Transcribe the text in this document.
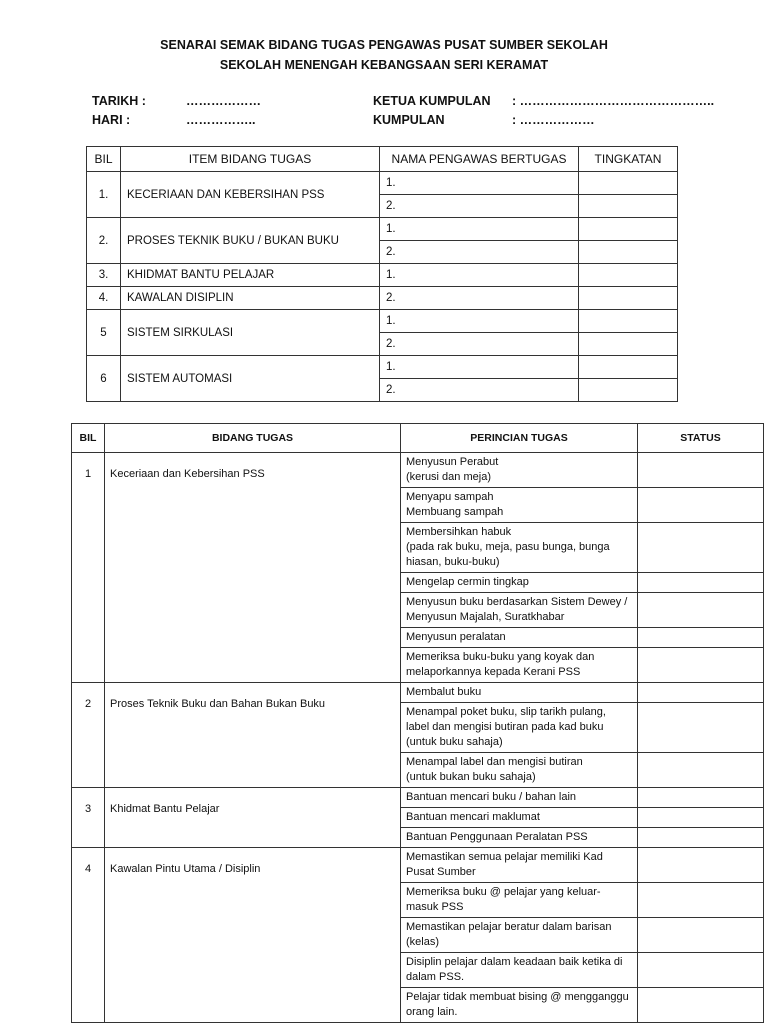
SENARAI SEMAK BIDANG TUGAS PENGAWAS PUSAT SUMBER SEKOLAH
SEKOLAH MENENGAH KEBANGSAAN SERI KERAMAT
TARIKH :	………………
HARI :	……………..
KETUA KUMPULAN : ………………………………………..
KUMPULAN	: ………………
BIL	ITEM BIDANG TUGAS	NAMA PENGAWAS BERTUGAS	TINGKATAN
1.	KECERIAAN DAN KEBERSIHAN PSS	1.	
		2.	
2.	PROSES TEKNIK BUKU / BUKAN BUKU	1.	
		2.	
3.	KHIDMAT BANTU PELAJAR	1.	
4.	KAWALAN DISIPLIN	2.	
5	SISTEM SIRKULASI	1.	
		2.	
6	SISTEM AUTOMASI	1.	
		2.	
BIL	BIDANG TUGAS	PERINCIAN TUGAS	STATUS
1	Keceriaan dan Kebersihan PSS	Menyusun Perabut
(kerusi dan meja)	
		Menyapu sampah
Membuang sampah	
		Membersihkan habuk
(pada rak buku, meja, pasu bunga, bunga hiasan, buku-buku)	
		Mengelap cermin tingkap	
		Menyusun buku berdasarkan Sistem Dewey / Menyusun Majalah, Suratkhabar	
		Menyusun peralatan	
		Memeriksa buku-buku yang koyak dan melaporkannya kepada Kerani PSS	
2	Proses Teknik Buku dan Bahan Bukan Buku	Membalut buku	
		Menampal poket buku, slip tarikh pulang, label dan mengisi butiran pada kad buku (untuk buku sahaja)	
		Menampal label dan mengisi butiran
(untuk bukan buku sahaja)	
3	Khidmat Bantu Pelajar	Bantuan mencari buku / bahan lain	
		Bantuan mencari maklumat	
		Bantuan Penggunaan Peralatan PSS	
4	Kawalan Pintu Utama / Disiplin	Memastikan semua pelajar memiliki Kad Pusat Sumber	
		Memeriksa buku @ pelajar yang keluar-masuk PSS	
		Memastikan pelajar beratur dalam barisan (kelas)	
		Disiplin pelajar dalam keadaan baik ketika di dalam PSS.	
		Pelajar tidak membuat bising @ mengganggu orang lain.	
